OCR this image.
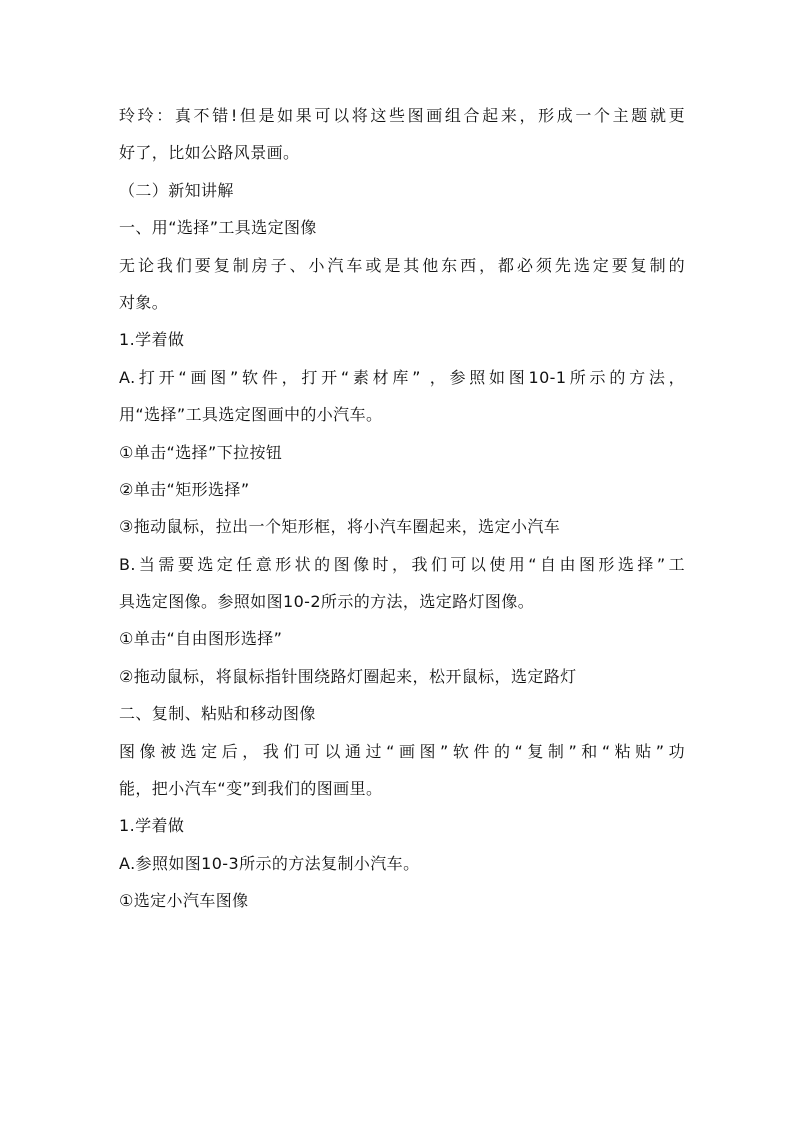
玲玲：真不错!但是如果可以将这些图画组合起来，形成一个主题就更
好了，比如公路风景画。
（二）新知讲解
一、用“选择”工具选定图像
无论我们要复制房子、小汽车或是其他东西，都必须先选定要复制的
对象。
1.学着做
A.打开“画图”软件，打开“素材库” ，参照如图10-1所示的方法，
用“选择”工具选定图画中的小汽车。
①单击“选择”下拉按钮
②单击“矩形选择”
③拖动鼠标，拉出一个矩形框，将小汽车圈起来，选定小汽车
B.当需要选定任意形状的图像时，我们可以使用“自由图形选择”工
具选定图像。参照如图10-2所示的方法，选定路灯图像。
①单击“自由图形选择”
②拖动鼠标，将鼠标指针围绕路灯圈起来，松开鼠标，选定路灯
二、复制、粘贴和移动图像
图像被选定后，我们可以通过“画图”软件的“复制”和“粘贴”功
能，把小汽车“变”到我们的图画里。
1.学着做
A.参照如图10-3所示的方法复制小汽车。
①选定小汽车图像
